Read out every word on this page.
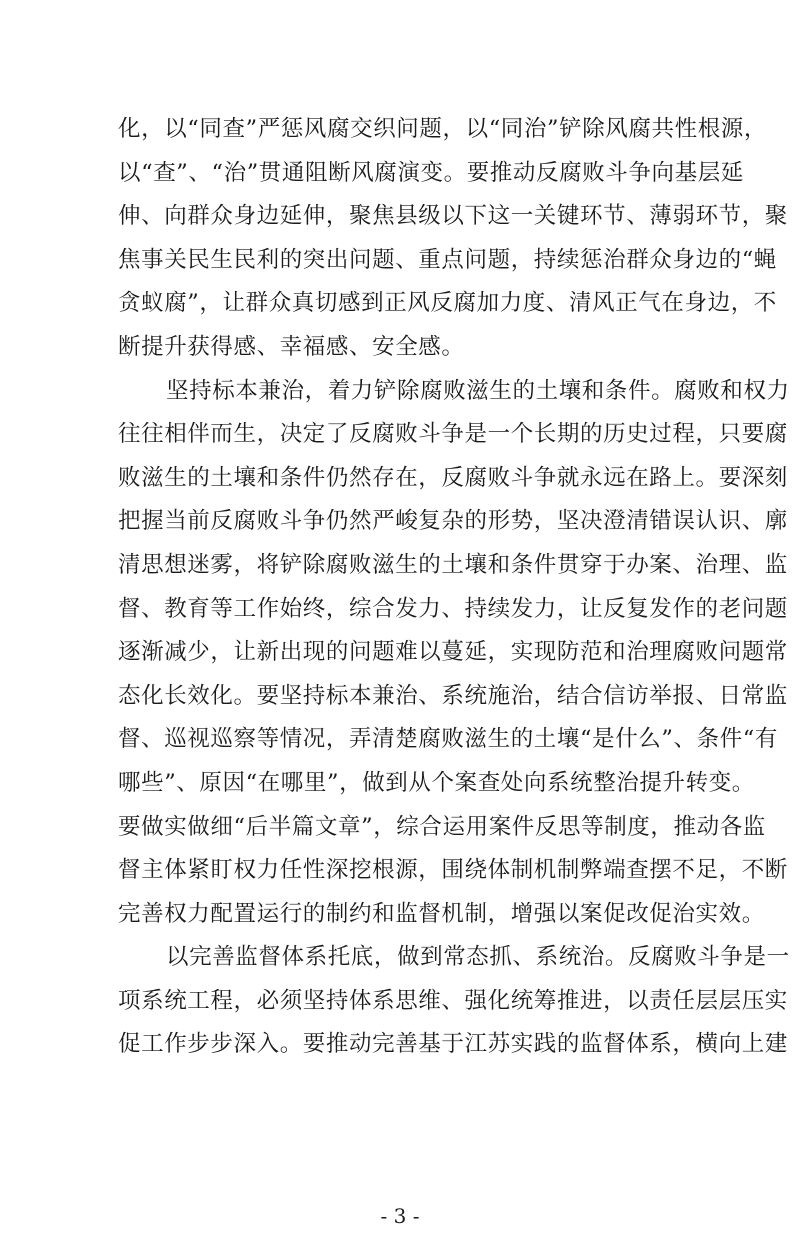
化，以“同查”严惩风腐交织问题，以“同治”铲除风腐共性根源，
以“查”、“治”贯通阻断风腐演变。要推动反腐败斗争向基层延
伸、向群众身边延伸，聚焦县级以下这一关键环节、薄弱环节，聚
焦事关民生民利的突出问题、重点问题，持续惩治群众身边的“蝇
贪蚁腐”，让群众真切感到正风反腐加力度、清风正气在身边，不
断提升获得感、幸福感、安全感。
坚持标本兼治，着力铲除腐败滋生的土壤和条件。腐败和权力
往往相伴而生，决定了反腐败斗争是一个长期的历史过程，只要腐
败滋生的土壤和条件仍然存在，反腐败斗争就永远在路上。要深刻
把握当前反腐败斗争仍然严峻复杂的形势，坚决澄清错误认识、廓
清思想迷雾，将铲除腐败滋生的土壤和条件贯穿于办案、治理、监
督、教育等工作始终，综合发力、持续发力，让反复发作的老问题
逐渐减少，让新出现的问题难以蔓延，实现防范和治理腐败问题常
态化长效化。要坚持标本兼治、系统施治，结合信访举报、日常监
督、巡视巡察等情况，弄清楚腐败滋生的土壤“是什么”、条件“有
哪些”、原因“在哪里”，做到从个案查处向系统整治提升转变。
要做实做细“后半篇文章”，综合运用案件反思等制度，推动各监
督主体紧盯权力任性深挖根源，围绕体制机制弊端查摆不足，不断
完善权力配置运行的制约和监督机制，增强以案促改促治实效。
以完善监督体系托底，做到常态抓、系统治。反腐败斗争是一
项系统工程，必须坚持体系思维、强化统筹推进，以责任层层压实
促工作步步深入。要推动完善基于江苏实践的监督体系，横向上建
- 3 -
